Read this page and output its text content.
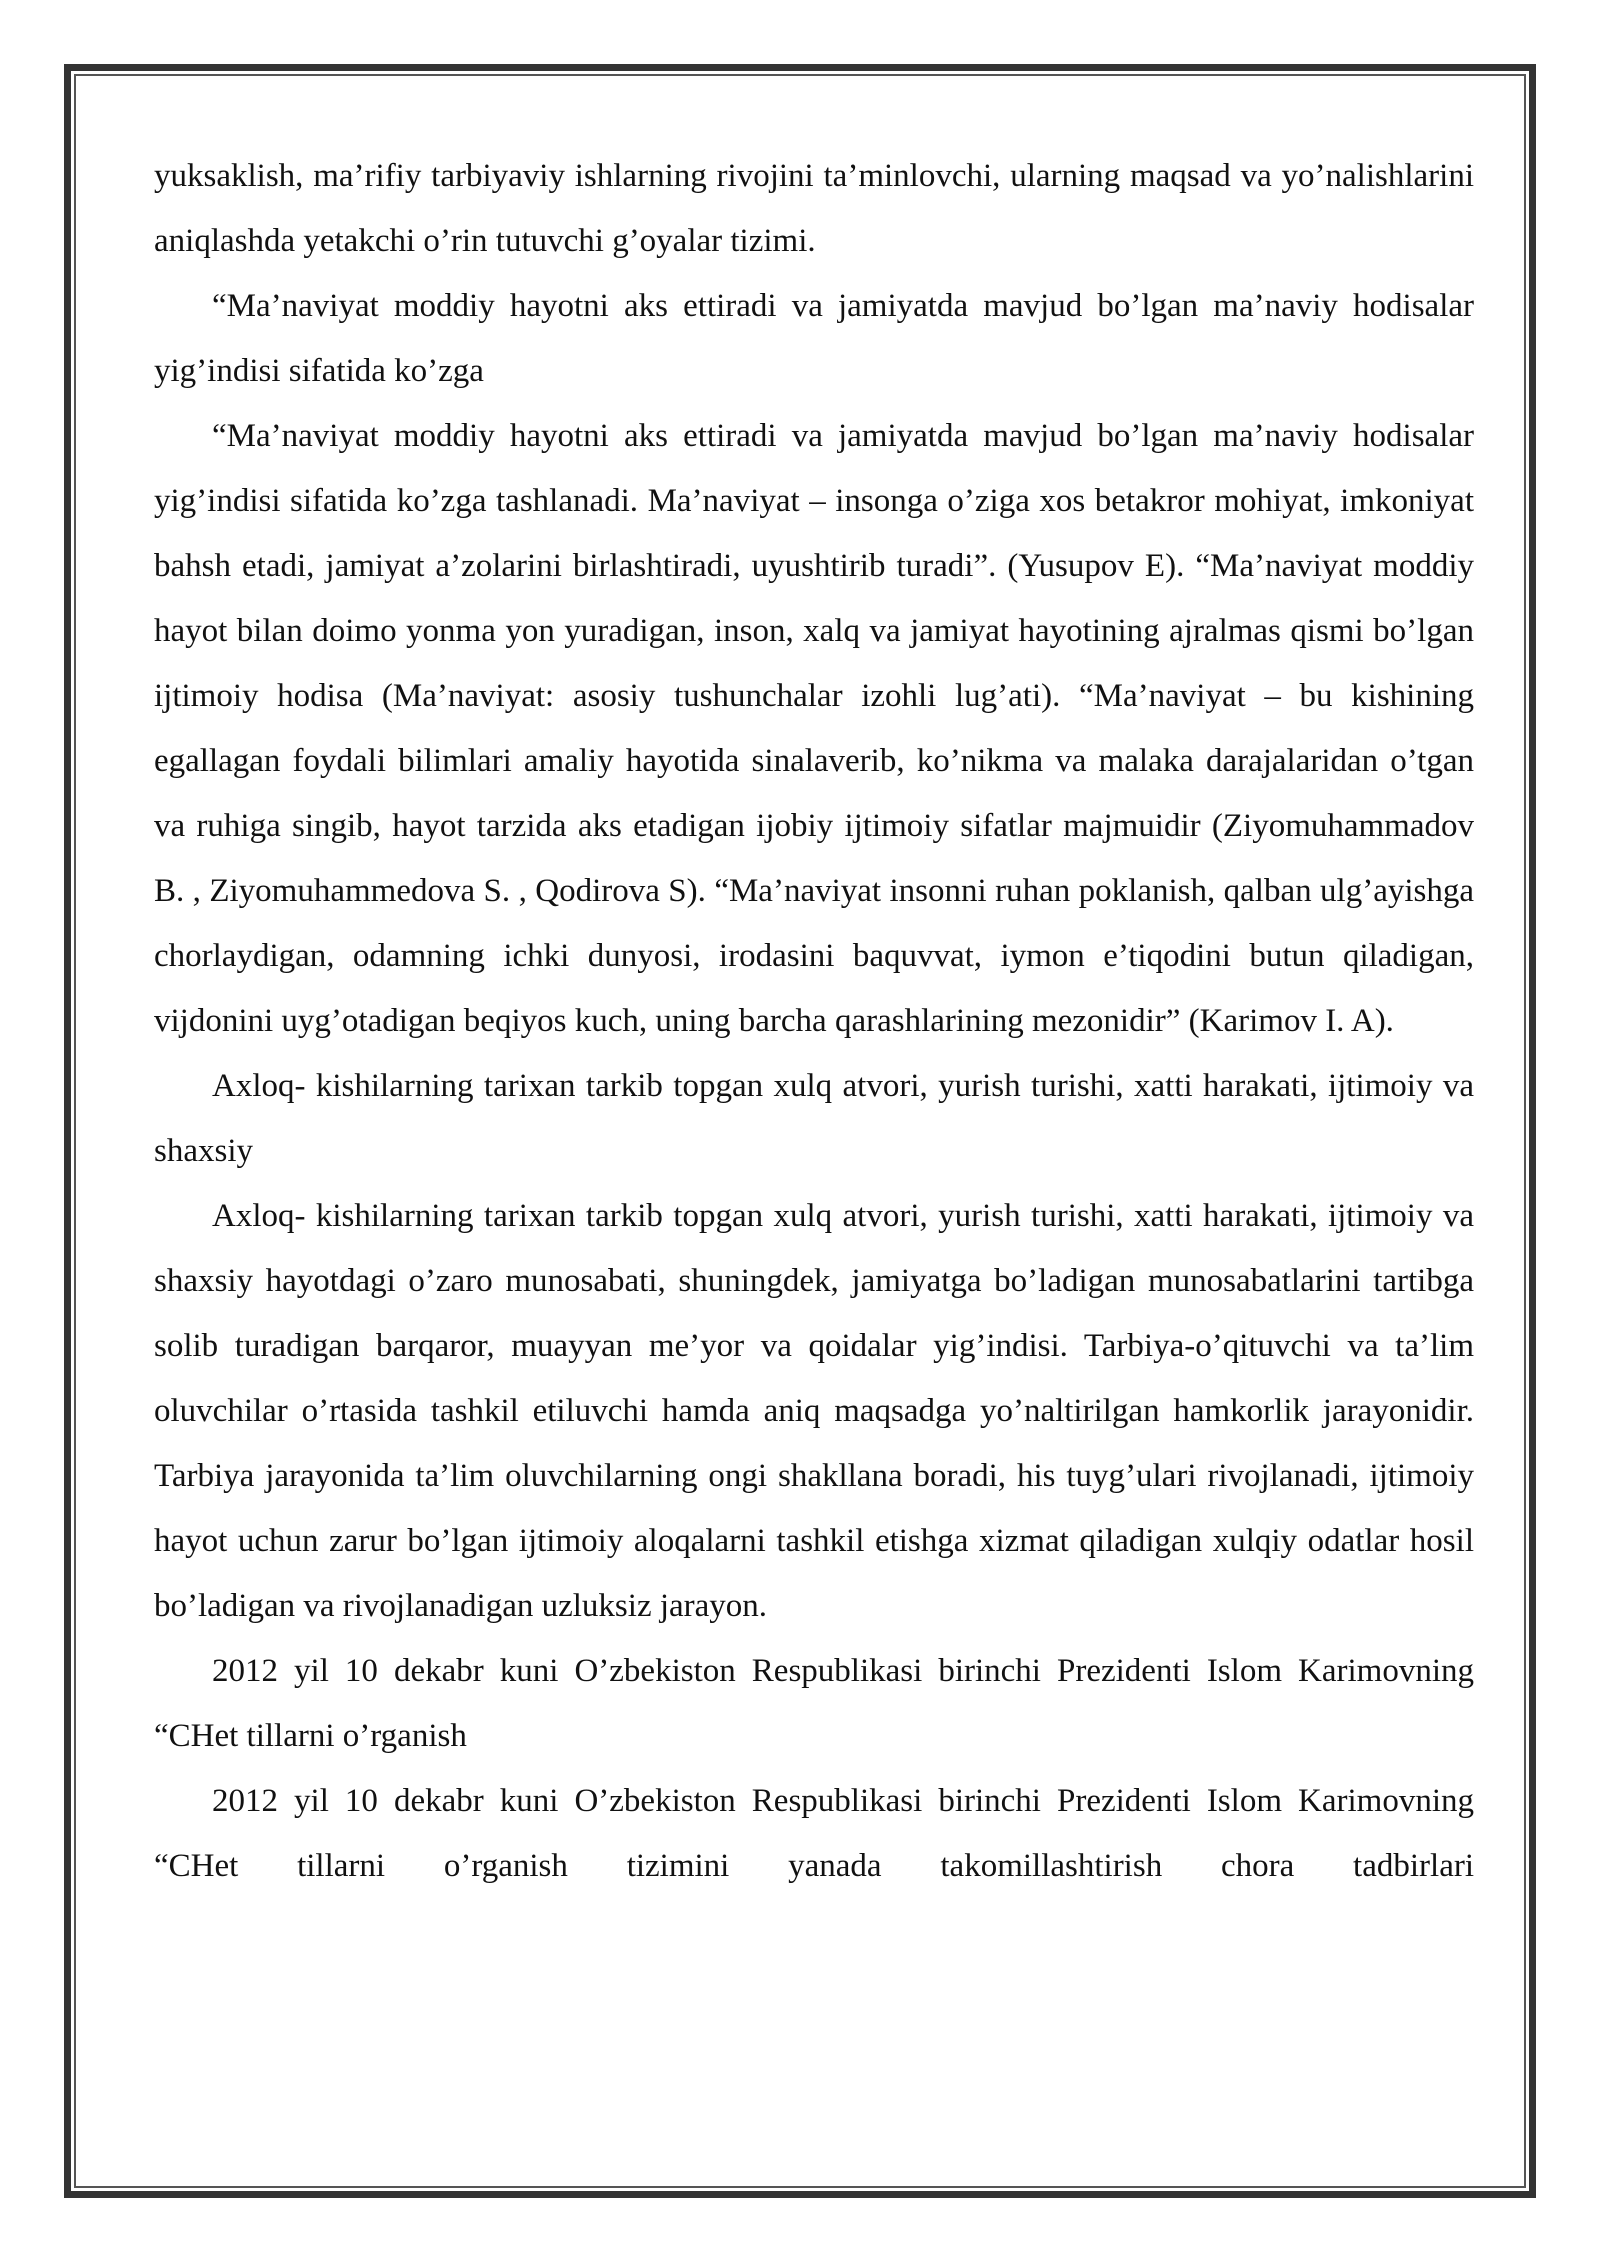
yuksaklish, ma’rifiy tarbiyaviy ishlarning rivojini ta’minlovchi, ularning maqsad va yo’nalishlarini aniqlashda yetakchi o’rin tutuvchi g’oyalar tizimi.

“Ma’naviyat moddiy hayotni aks ettiradi va jamiyatda mavjud bo’lgan ma’naviy hodisalar yig’indisi sifatida ko’zga

“Ma’naviyat moddiy hayotni aks ettiradi va jamiyatda mavjud bo’lgan ma’naviy hodisalar yig’indisi sifatida ko’zga tashlanadi. Ma’naviyat – insonga o’ziga xos betakror mohiyat, imkoniyat bahsh etadi, jamiyat a’zolarini birlashtiradi, uyushtirib turadi”. (Yusupov E). “Ma’naviyat moddiy hayot bilan doimo yonma yon yuradigan, inson, xalq va jamiyat hayotining ajralmas qismi bo’lgan ijtimoiy hodisa (Ma’naviyat: asosiy tushunchalar izohli lug’ati). “Ma’naviyat – bu kishining egallagan foydali bilimlari amaliy hayotida sinalaverib, ko’nikma va malaka darajalaridan o’tgan va ruhiga singib, hayot tarzida aks etadigan ijobiy ijtimoiy sifatlar majmuidir (Ziyomuhammadov B. , Ziyomuhammedova S. , Qodirova S). “Ma’naviyat insonni ruhan poklanish, qalban ulg’ayishga chorlaydigan, odamning ichki dunyosi, irodasini baquvvat, iymon e’tiqodini butun qiladigan, vijdonini uyg’otadigan beqiyos kuch, uning barcha qarashlarining mezonidir” (Karimov I. A).

Axloq- kishilarning tarixan tarkib topgan xulq atvori, yurish turishi, xatti harakati, ijtimoiy va shaxsiy

Axloq- kishilarning tarixan tarkib topgan xulq atvori, yurish turishi, xatti harakati, ijtimoiy va shaxsiy hayotdagi o’zaro munosabati, shuningdek, jamiyatga bo’ladigan munosabatlarini tartibga solib turadigan barqaror, muayyan me’yor va qoidalar yig’indisi. Tarbiya-o’qituvchi va ta’lim oluvchilar o’rtasida tashkil etiluvchi hamda aniq maqsadga yo’naltirilgan hamkorlik jarayonidir. Tarbiya jarayonida ta’lim oluvchilarning ongi shakllana boradi, his tuyg’ulari rivojlanadi, ijtimoiy hayot uchun zarur bo’lgan ijtimoiy aloqalarni tashkil etishga xizmat qiladigan xulqiy odatlar hosil bo’ladigan va rivojlanadigan uzluksiz jarayon.

2012 yil 10 dekabr kuni O’zbekiston Respublikasi birinchi Prezidenti Islom Karimovning “CHet tillarni o’rganish

2012 yil 10 dekabr kuni O’zbekiston Respublikasi birinchi Prezidenti Islom Karimovning “CHet tillarni o’rganish tizimini yanada takomillashtirish chora tadbirlari
